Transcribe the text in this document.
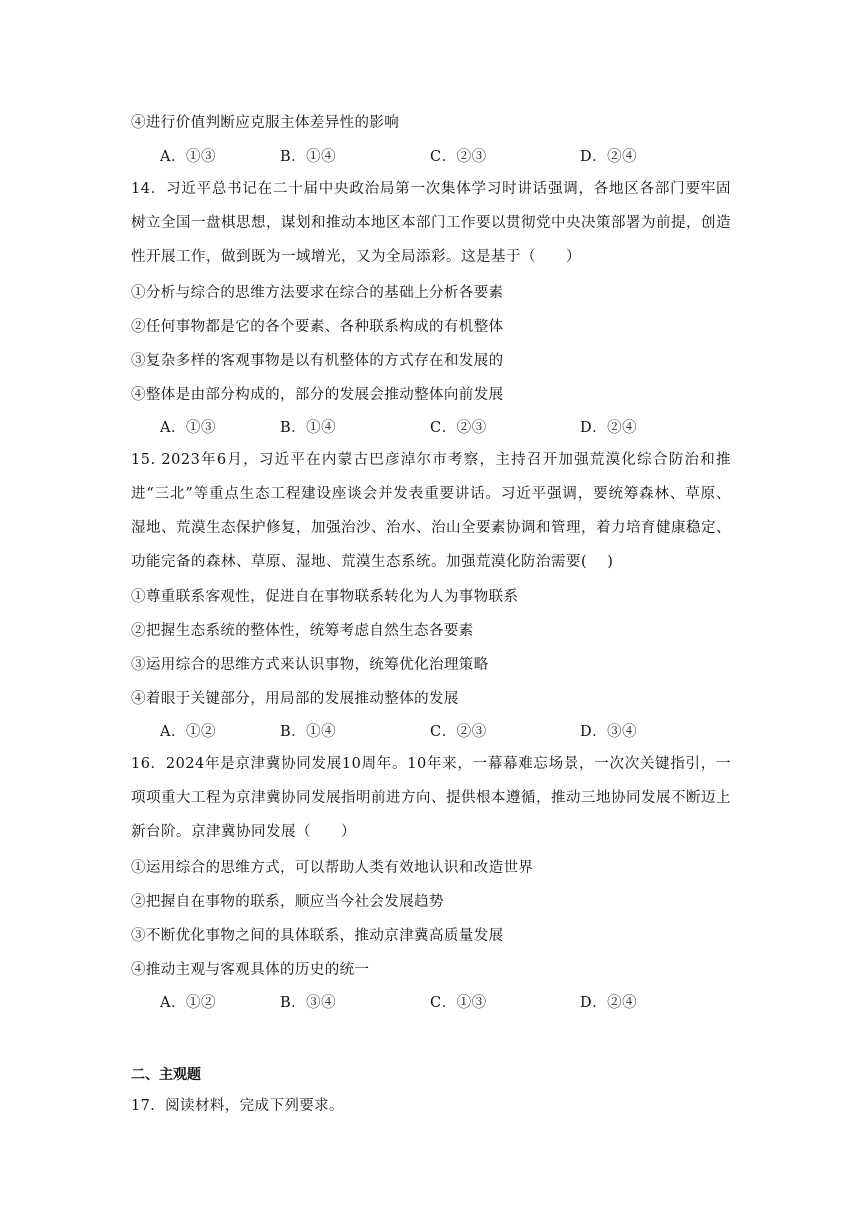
④进行价值判断应克服主体差异性的影响
A．①③	B．①④	C．②③	D．②④
14．习近平总书记在二十届中央政治局第一次集体学习时讲话强调，各地区各部门要牢固树立全国一盘棋思想，谋划和推动本地区本部门工作要以贯彻党中央决策部署为前提，创造性开展工作，做到既为一域增光，又为全局添彩。这是基于（　　）
①分析与综合的思维方法要求在综合的基础上分析各要素
②任何事物都是它的各个要素、各种联系构成的有机整体
③复杂多样的客观事物是以有机整体的方式存在和发展的
④整体是由部分构成的，部分的发展会推动整体向前发展
A．①③	B．①④	C．②③	D．②④
15. 2023年6月，习近平在内蒙古巴彦淖尔市考察，主持召开加强荒漠化综合防治和推进“三北”等重点生态工程建设座谈会并发表重要讲话。习近平强调，要统筹森林、草原、湿地、荒漠生态保护修复，加强治沙、治水、治山全要素协调和管理，着力培育健康稳定、功能完备的森林、草原、湿地、荒漠生态系统。加强荒漠化防治需要(　 )
①尊重联系客观性，促进自在事物联系转化为人为事物联系
②把握生态系统的整体性，统筹考虑自然生态各要素
③运用综合的思维方式来认识事物，统筹优化治理策略
④着眼于关键部分，用局部的发展推动整体的发展
A．①②	B．①④	C．②③	D．③④
16．2024年是京津冀协同发展10周年。10年来，一幕幕难忘场景，一次次关键指引，一项项重大工程为京津冀协同发展指明前进方向、提供根本遵循，推动三地协同发展不断迈上新台阶。京津冀协同发展（　　）
①运用综合的思维方式，可以帮助人类有效地认识和改造世界
②把握自在事物的联系，顺应当今社会发展趋势
③不断优化事物之间的具体联系，推动京津冀高质量发展
④推动主观与客观具体的历史的统一
A．①②	B．③④	C．①③	D．②④
二、主观题
17．阅读材料，完成下列要求。
